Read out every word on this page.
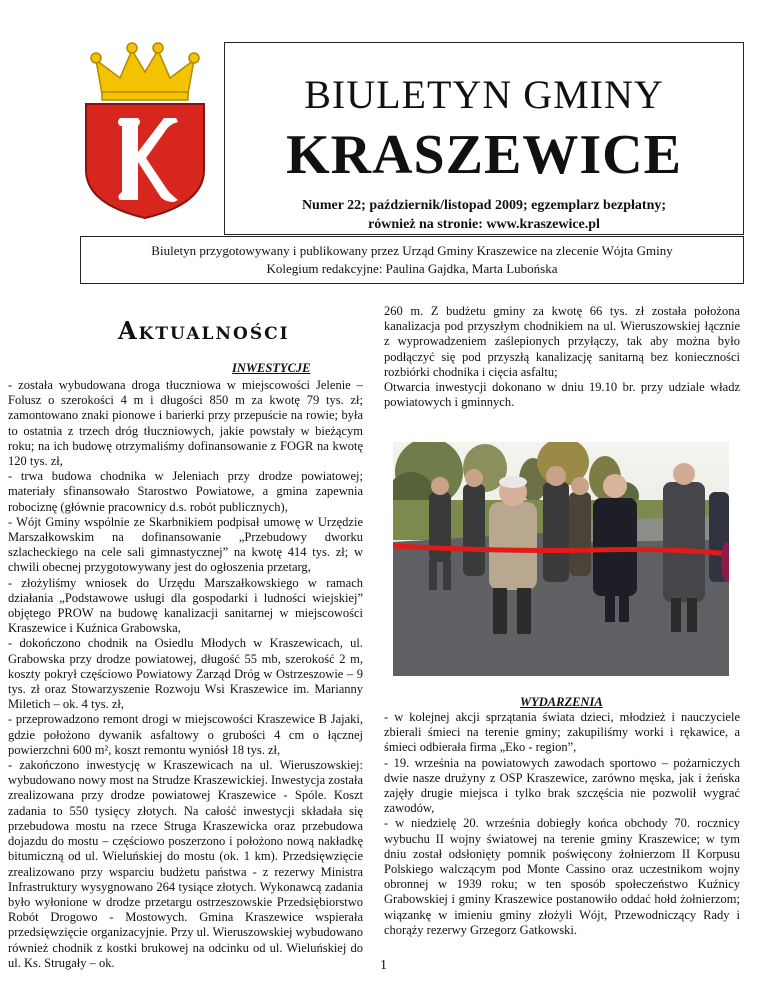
BIULETYN GMINY
KRASZEWICE
Numer 22; październik/listopad 2009; egzemplarz bezpłatny;
również na stronie: www.kraszewice.pl
Biuletyn przygotowywany i publikowany przez Urząd Gminy Kraszewice na zlecenie Wójta Gminy
Kolegium redakcyjne: Paulina Gajdka, Marta Lubońska
Aktualności
INWESTYCJE

- została wybudowana droga tłuczniowa w miejscowości Jelenie – Folusz o szerokości 4 m i długości 850 m za kwotę 79 tys. zł; zamontowano znaki pionowe i barierki przy przepuście na rowie; była to ostatnia z trzech dróg tłuczniowych, jakie powstały w bieżącym roku; na ich budowę otrzymaliśmy dofinansowanie z FOGR na kwotę 120 tys. zł,

- trwa budowa chodnika w Jeleniach przy drodze powiatowej; materiały sfinansowało Starostwo Powiatowe, a gmina zapewnia robociznę (głównie pracownicy d.s. robót publicznych),

- Wójt Gminy wspólnie ze Skarbnikiem podpisał umowę w Urzędzie Marszałkowskim na dofinansowanie „Przebudowy dworku szlacheckiego na cele sali gimnastycznej” na kwotę 414 tys. zł; w chwili obecnej przygotowywany jest do ogłoszenia przetarg,

- złożyliśmy wniosek do Urzędu Marszałkowskiego w ramach działania „Podstawowe usługi dla gospodarki i ludności wiejskiej” objętego PROW na budowę kanalizacji sanitarnej w miejscowości Kraszewice i Kuźnica Grabowska,

- dokończono chodnik na Osiedlu Młodych w Kraszewicach, ul. Grabowska przy drodze powiatowej, długość 55 mb, szerokość 2 m, koszty pokrył częściowo Powiatowy Zarząd Dróg w Ostrzeszowie – 9 tys. zł oraz Stowarzyszenie Rozwoju Wsi Kraszewice im. Marianny Miletich – ok. 4 tys. zł,

- przeprowadzono remont drogi w miejscowości Kraszewice B Jajaki, gdzie położono dywanik asfaltowy o grubości 4 cm o łącznej powierzchni 600 m², koszt remontu wyniósł 18 tys. zł,

- zakończono inwestycję w Kraszewicach na ul. Wieruszowskiej: wybudowano nowy most na Strudze Kraszewickiej. Inwestycja została zrealizowana przy drodze powiatowej Kraszewice - Spóle. Koszt zadania to 550 tysięcy złotych. Na całość inwestycji składała się przebudowa mostu na rzece Struga Kraszewicka oraz przebudowa dojazdu do mostu – częściowo poszerzono i położono nową nakładkę bitumiczną od ul. Wieluńskiej do mostu (ok. 1 km). Przedsięwzięcie zrealizowano przy wsparciu budżetu państwa - z rezerwy Ministra Infrastruktury wysygnowano 264 tysiące złotych. Wykonawcą zadania było wyłonione w drodze przetargu ostrzeszowskie Przedsiębiorstwo Robót Drogowo - Mostowych. Gmina Kraszewice wspierała przedsięwzięcie organizacyjnie. Przy ul. Wieruszowskiej wybudowano również chodnik z kostki brukowej na odcinku od ul. Wieluńskiej do ul. Ks. Strugały – ok.

260 m. Z budżetu gminy za kwotę 66 tys. zł została położona kanalizacja pod przyszłym chodnikiem na ul. Wieruszowskiej łącznie z wyprowadzeniem zaślepionych przyłączy, tak aby można było podłączyć się pod przyszłą kanalizację sanitarną bez konieczności rozbiórki chodnika i cięcia asfaltu;

Otwarcia inwestycji dokonano w dniu 19.10 br. przy udziale władz powiatowych i gminnych.

WYDARZENIA

- w kolejnej akcji sprzątania świata dzieci, młodzież i nauczyciele zbierali śmieci na terenie gminy; zakupiliśmy worki i rękawice, a śmieci odbierała firma „Eko - region”,

- 19. września na powiatowych zawodach sportowo – pożarniczych dwie nasze drużyny z OSP Kraszewice, zarówno męska, jak i żeńska zajęły drugie miejsca i tylko brak szczęścia nie pozwolił wygrać zawodów,

- w niedzielę 20. września dobiegły końca obchody 70. rocznicy wybuchu II wojny światowej na terenie gminy Kraszewice; w tym dniu został odsłonięty pomnik poświęcony żołnierzom II Korpusu Polskiego walczącym pod Monte Cassino oraz uczestnikom wojny obronnej w 1939 roku; w ten sposób społeczeństwo Kuźnicy Grabowskiej i gminy Kraszewice postanowiło oddać hołd żołnierzom; wiązankę w imieniu gminy złożyli Wójt, Przewodniczący Rady i chorąży rezerwy Grzegorz Gatkowski.

1
